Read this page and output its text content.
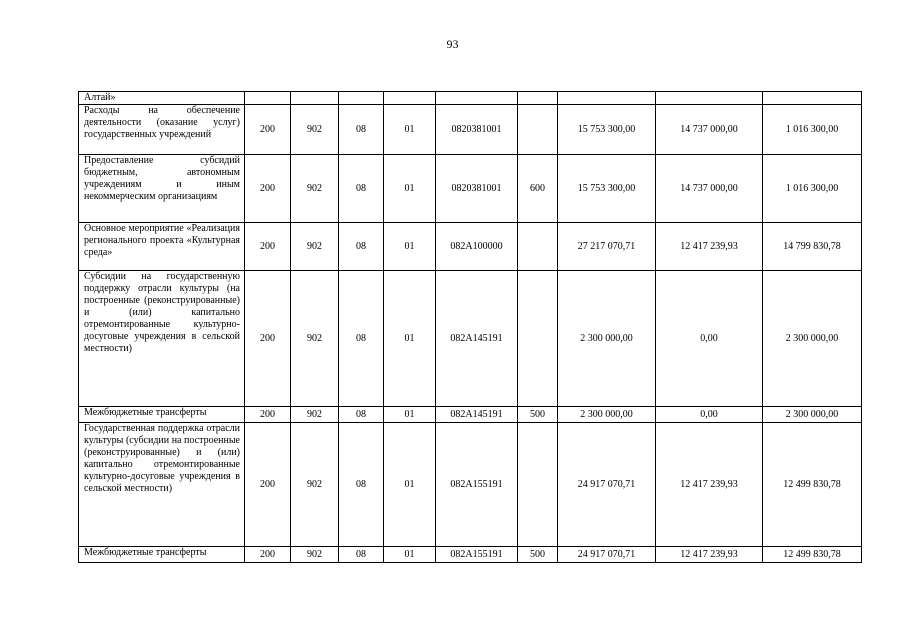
93
Алтай»									
Расходы на обеспечение деятельности (оказание услуг) государственных учреждений	200	902	08	01	0820381001		15 753 300,00	14 737 000,00	1 016 300,00
Предоставление субсидий бюджетным, автономным учреждениям и иным некоммерческим организациям	200	902	08	01	0820381001	600	15 753 300,00	14 737 000,00	1 016 300,00
Основное мероприятие «Реализация регионального проекта «Культурная среда»	200	902	08	01	082A100000		27 217 070,71	12 417 239,93	14 799 830,78
Субсидии на государственную поддержку отрасли культуры (на построенные (реконструированные) и (или) капитально отремонтированные культурно-досуговые учреждения в сельской местности)	200	902	08	01	082A145191		2 300 000,00	0,00	2 300 000,00
Межбюджетные трансферты	200	902	08	01	082A145191	500	2 300 000,00	0,00	2 300 000,00
Государственная поддержка отрасли культуры (субсидии на построенные (реконструированные) и (или) капитально отремонтированные культурно-досуговые учреждения в сельской местности)	200	902	08	01	082A155191		24 917 070,71	12 417 239,93	12 499 830,78
Межбюджетные трансферты	200	902	08	01	082A155191	500	24 917 070,71	12 417 239,93	12 499 830,78
